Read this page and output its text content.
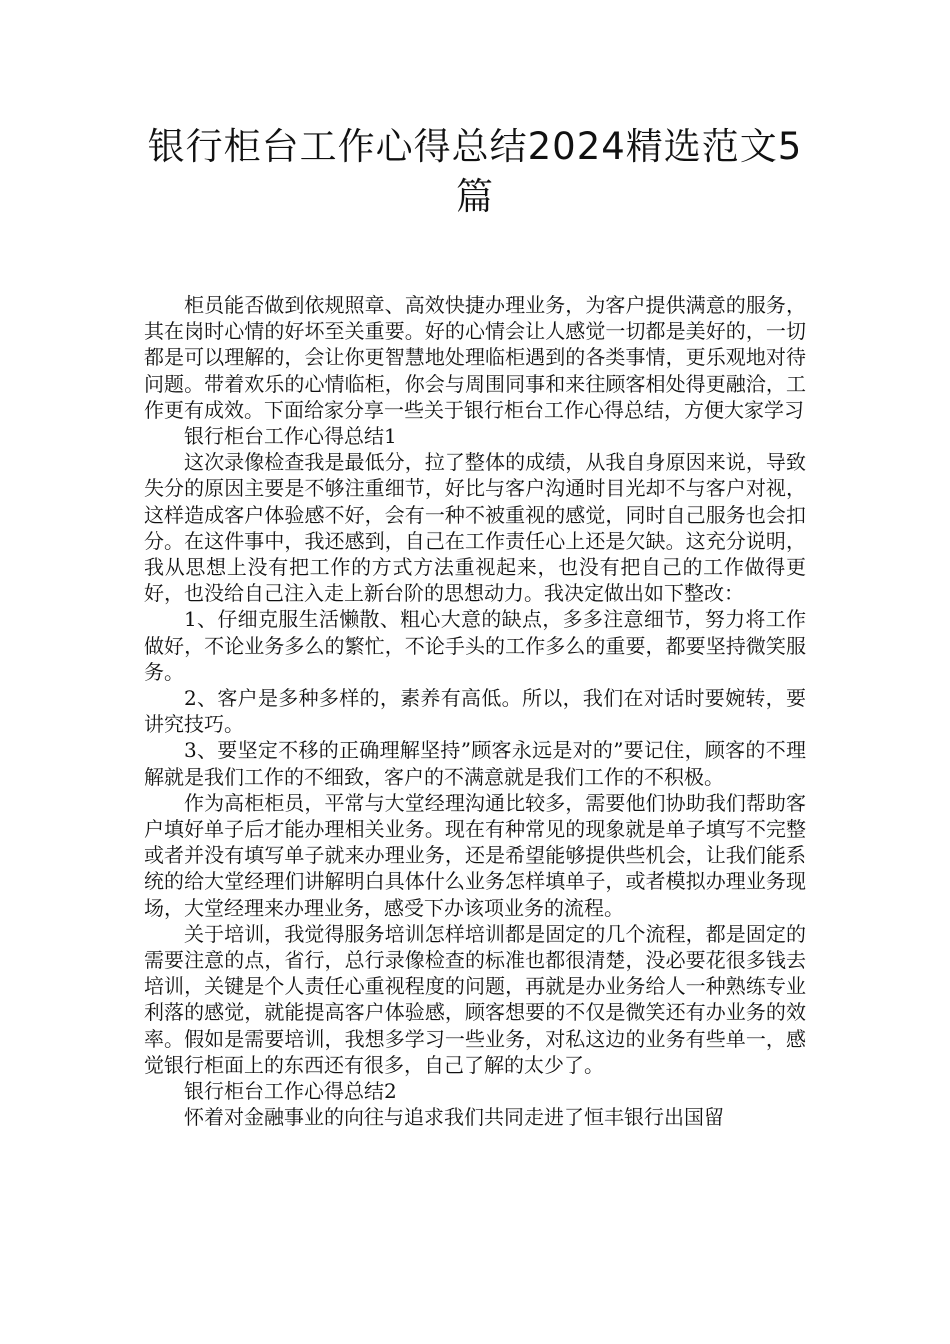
银行柜台工作心得总结2024精选范文5篇

柜员能否做到依规照章、高效快捷办理业务，为客户提供满意的服务，其在岗时心情的好坏至关重要。好的心情会让人感觉一切都是美好的，一切都是可以理解的，会让你更智慧地处理临柜遇到的各类事情，更乐观地对待问题。带着欢乐的心情临柜，你会与周围同事和来往顾客相处得更融洽，工作更有成效。下面给家分享一些关于银行柜台工作心得总结，方便大家学习

银行柜台工作心得总结1

这次录像检查我是最低分，拉了整体的成绩，从我自身原因来说，导致失分的原因主要是不够注重细节，好比与客户沟通时目光却不与客户对视，这样造成客户体验感不好，会有一种不被重视的感觉，同时自己服务也会扣分。在这件事中，我还感到，自己在工作责任心上还是欠缺。这充分说明，我从思想上没有把工作的方式方法重视起来，也没有把自己的工作做得更好，也没给自己注入走上新台阶的思想动力。我决定做出如下整改：

1、仔细克服生活懒散、粗心大意的缺点，多多注意细节，努力将工作做好，不论业务多么的繁忙，不论手头的工作多么的重要，都要坚持微笑服务。

2、客户是多种多样的，素养有高低。所以，我们在对话时要婉转，要讲究技巧。

3、要坚定不移的正确理解坚持”顾客永远是对的”要记住，顾客的不理解就是我们工作的不细致，客户的不满意就是我们工作的不积极。

作为高柜柜员，平常与大堂经理沟通比较多，需要他们协助我们帮助客户填好单子后才能办理相关业务。现在有种常见的现象就是单子填写不完整或者并没有填写单子就来办理业务，还是希望能够提供些机会，让我们能系统的给大堂经理们讲解明白具体什么业务怎样填单子，或者模拟办理业务现场，大堂经理来办理业务，感受下办该项业务的流程。

关于培训，我觉得服务培训怎样培训都是固定的几个流程，都是固定的需要注意的点，省行，总行录像检查的标准也都很清楚，没必要花很多钱去培训，关键是个人责任心重视程度的问题，再就是办业务给人一种熟练专业利落的感觉，就能提高客户体验感，顾客想要的不仅是微笑还有办业务的效率。假如是需要培训，我想多学习一些业务，对私这边的业务有些单一，感觉银行柜面上的东西还有很多，自己了解的太少了。

银行柜台工作心得总结2

怀着对金融事业的向往与追求我们共同走进了恒丰银行出国留
